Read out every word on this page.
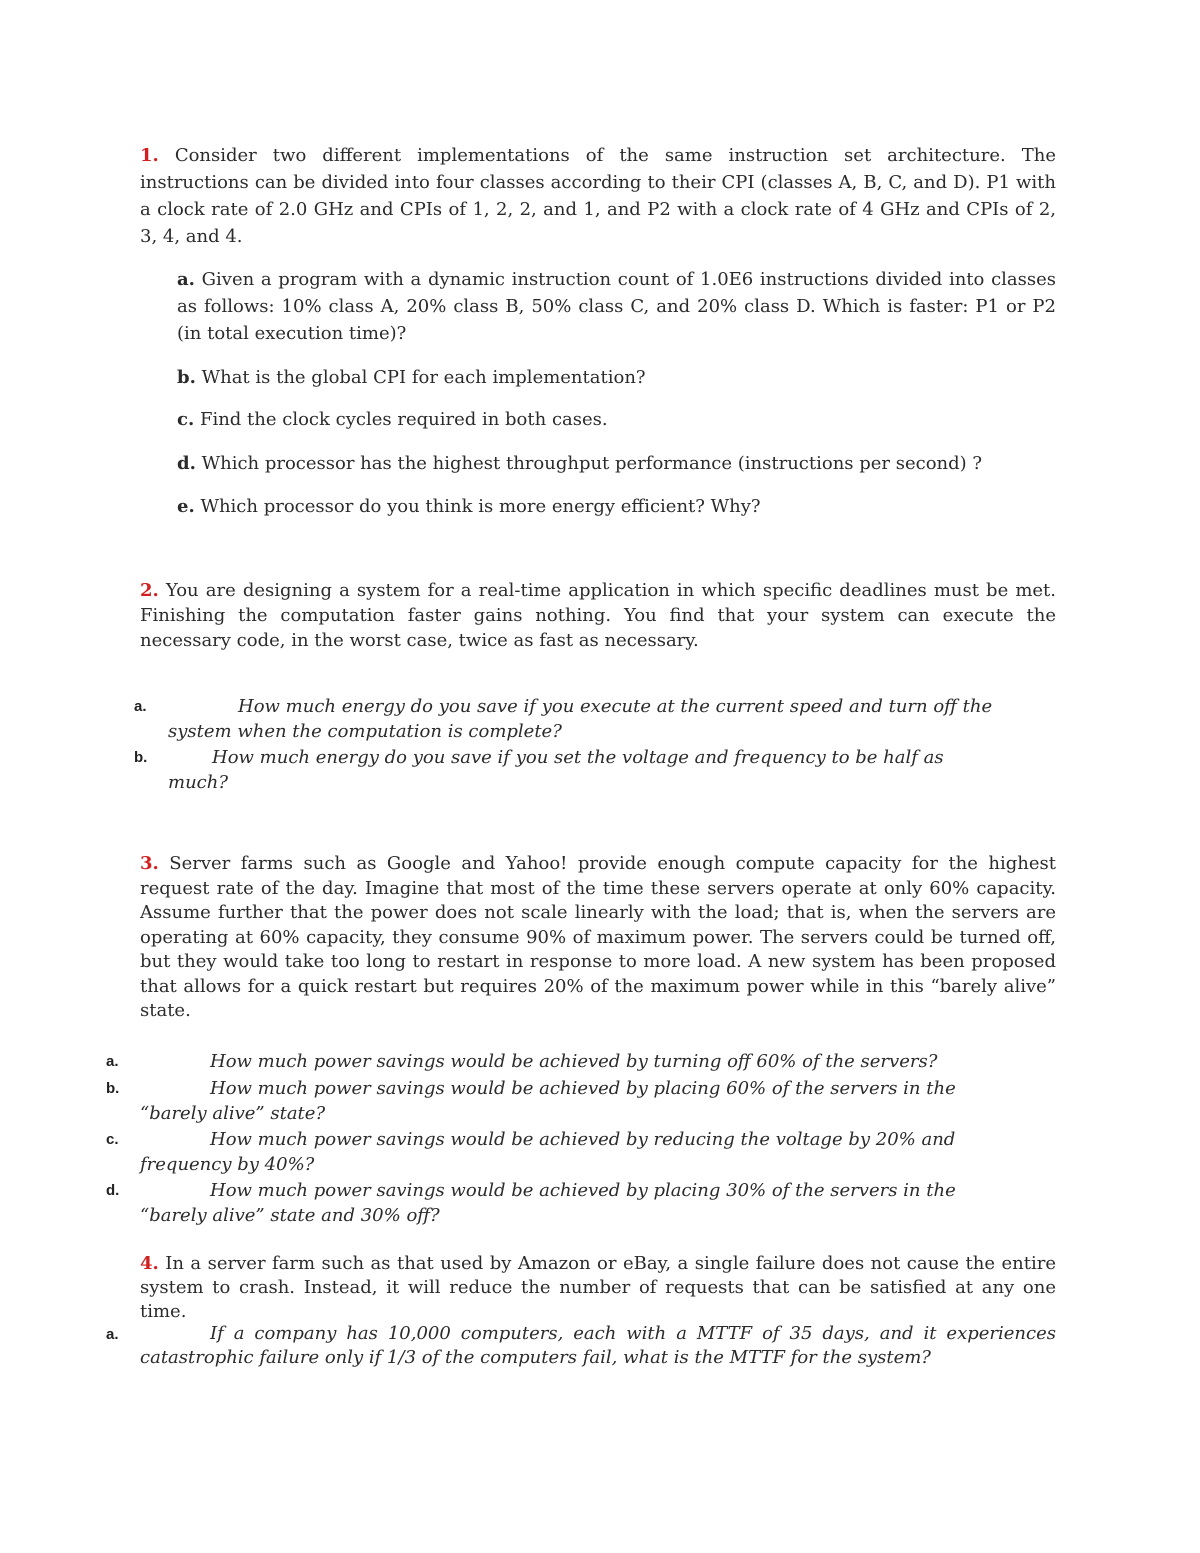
1. Consider two different implementations of the same instruction set architecture. The instructions can be divided into four classes according to their CPI (classes A, B, C, and D). P1 with a clock rate of 2.0 GHz and CPIs of 1, 2, 2, and 1, and P2 with a clock rate of 4 GHz and CPIs of 2, 3, 4, and 4.
a. Given a program with a dynamic instruction count of 1.0E6 instructions divided into classes as follows: 10% class A, 20% class B, 50% class C, and 20% class D. Which is faster: P1 or P2 (in total execution time)?
b. What is the global CPI for each implementation?
c. Find the clock cycles required in both cases.
d. Which processor has the highest throughput performance (instructions per second) ?
e. Which processor do you think is more energy efficient? Why?
2. You are designing a system for a real-time application in which specific deadlines must be met. Finishing the computation faster gains nothing. You find that your system can execute the necessary code, in the worst case, twice as fast as necessary.
a.	How much energy do you save if you execute at the current speed and turn off the system when the computation is complete?
b.	How much energy do you save if you set the voltage and frequency to be half as much?
3. Server farms such as Google and Yahoo! provide enough compute capacity for the highest request rate of the day. Imagine that most of the time these servers operate at only 60% capacity. Assume further that the power does not scale linearly with the load; that is, when the servers are operating at 60% capacity, they consume 90% of maximum power. The servers could be turned off, but they would take too long to restart in response to more load. A new system has been proposed that allows for a quick restart but requires 20% of the maximum power while in this “barely alive” state.
a.	How much power savings would be achieved by turning off 60% of the servers?
b.	How much power savings would be achieved by placing 60% of the servers in the “barely alive” state?
c.	How much power savings would be achieved by reducing the voltage by 20% and frequency by 40%?
d.	How much power savings would be achieved by placing 30% of the servers in the “barely alive” state and 30% off?
4. In a server farm such as that used by Amazon or eBay, a single failure does not cause the entire system to crash. Instead, it will reduce the number of requests that can be satisfied at any one time.
a.	If a company has 10,000 computers, each with a MTTF of 35 days, and it experiences catastrophic failure only if 1/3 of the computers fail, what is the MTTF for the system?
